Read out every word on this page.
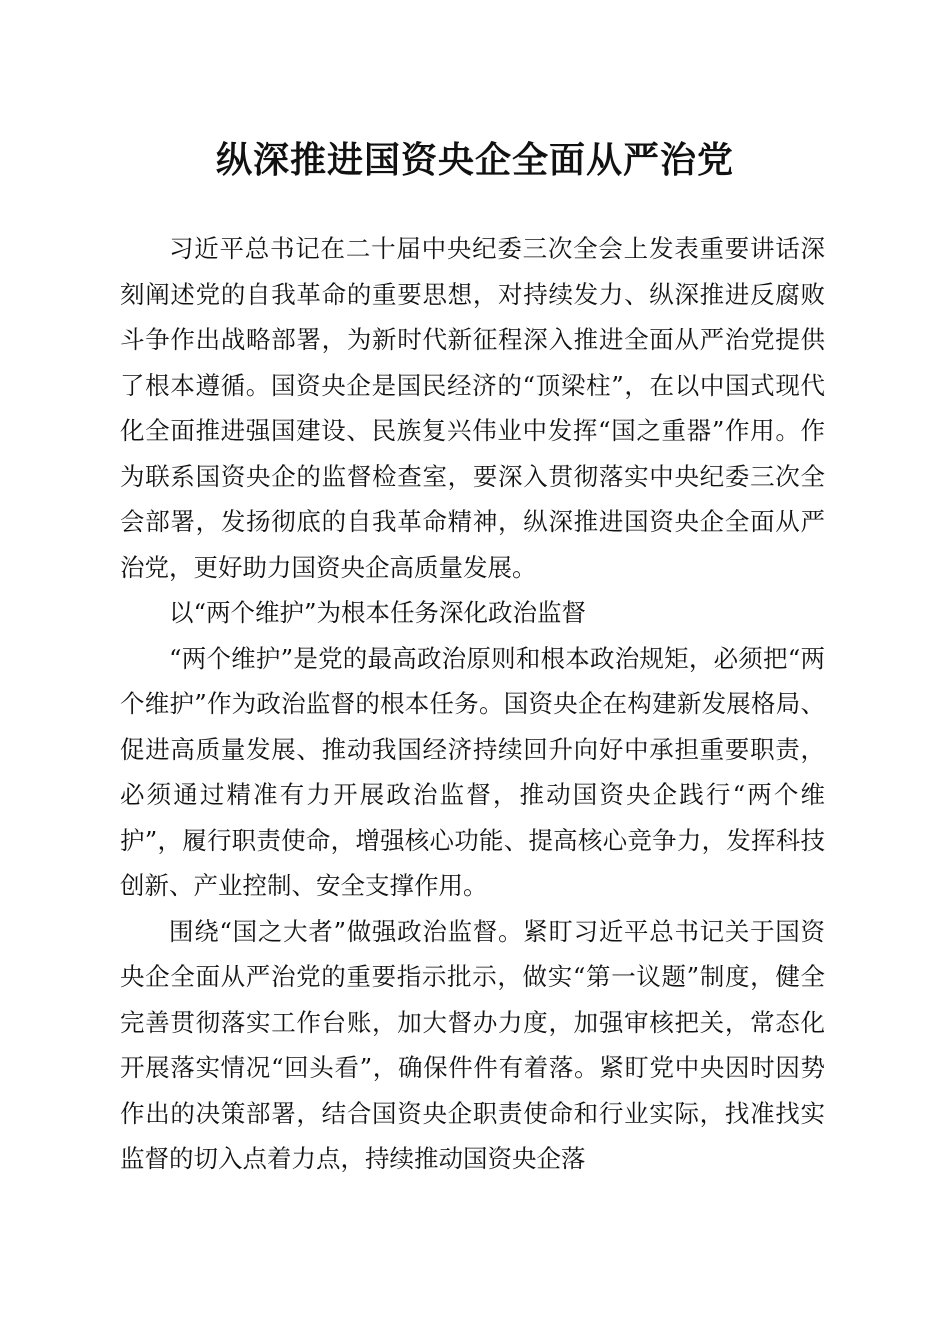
纵深推进国资央企全面从严治党

习近平总书记在二十届中央纪委三次全会上发表重要讲话深刻阐述党的自我革命的重要思想，对持续发力、纵深推进反腐败斗争作出战略部署，为新时代新征程深入推进全面从严治党提供了根本遵循。国资央企是国民经济的“顶梁柱”，在以中国式现代化全面推进强国建设、民族复兴伟业中发挥“国之重器”作用。作为联系国资央企的监督检查室，要深入贯彻落实中央纪委三次全会部署，发扬彻底的自我革命精神，纵深推进国资央企全面从严治党，更好助力国资央企高质量发展。

以“两个维护”为根本任务深化政治监督

“两个维护”是党的最高政治原则和根本政治规矩，必须把“两个维护”作为政治监督的根本任务。国资央企在构建新发展格局、促进高质量发展、推动我国经济持续回升向好中承担重要职责，必须通过精准有力开展政治监督，推动国资央企践行“两个维护”，履行职责使命，增强核心功能、提高核心竞争力，发挥科技创新、产业控制、安全支撑作用。

围绕“国之大者”做强政治监督。紧盯习近平总书记关于国资央企全面从严治党的重要指示批示，做实“第一议题”制度，健全完善贯彻落实工作台账，加大督办力度，加强审核把关，常态化开展落实情况“回头看”，确保件件有着落。紧盯党中央因时因势作出的决策部署，结合国资央企职责使命和行业实际，找准找实监督的切入点着力点，持续推动国资央企落
